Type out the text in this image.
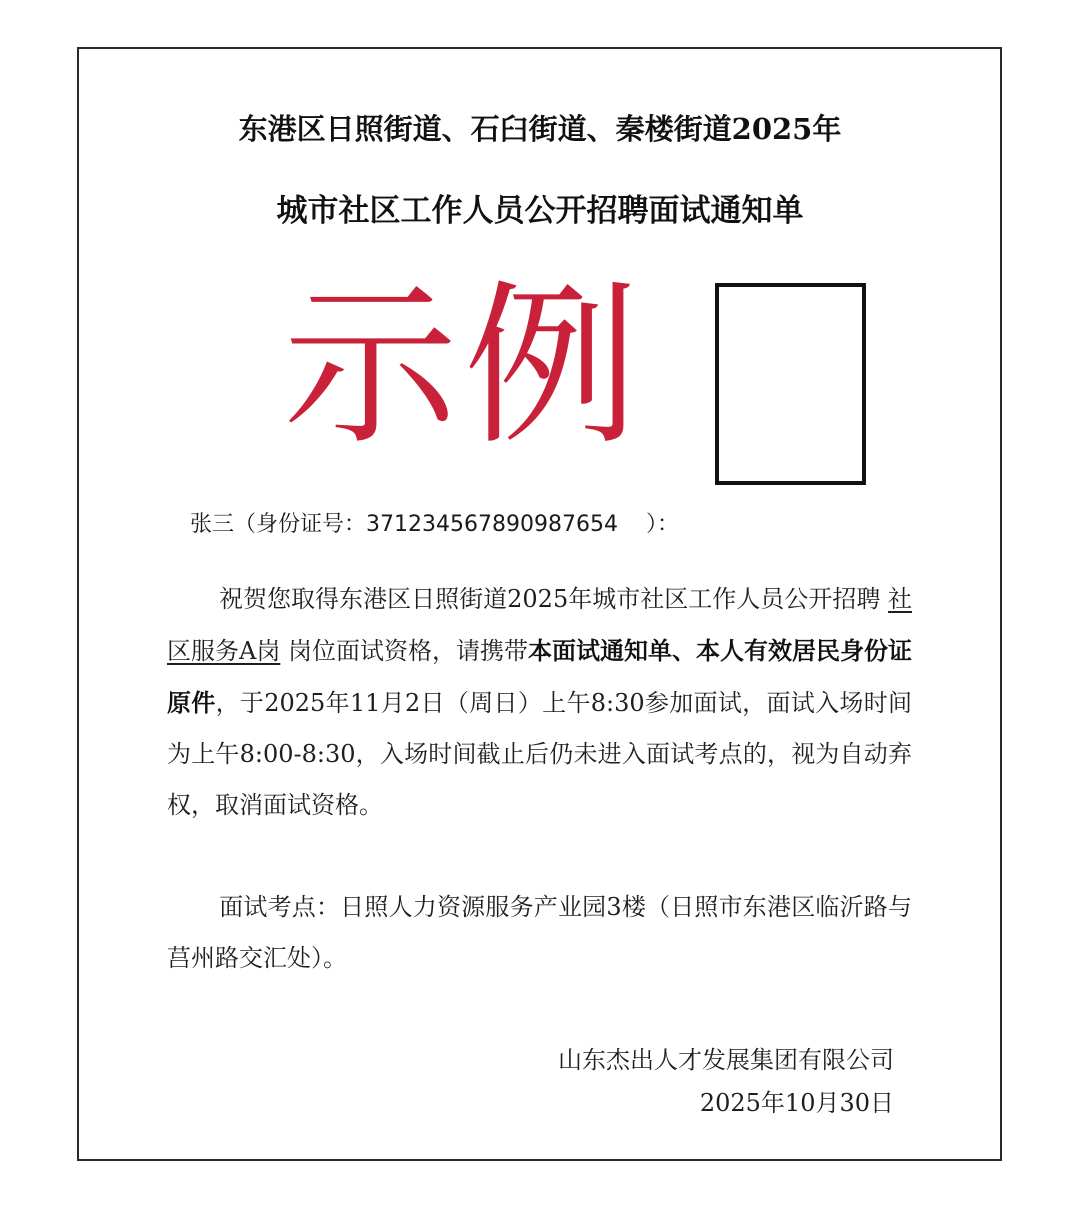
东港区日照街道、石臼街道、秦楼街道2025年
城市社区工作人员公开招聘面试通知单
示例
张三（身份证号：371234567890987654 ）：
祝贺您取得东港区日照街道2025年城市社区工作人员公开招聘 社区服务A岗 岗位面试资格，请携带本面试通知单、本人有效居民身份证原件，于2025年11月2日（周日）上午8:30参加面试，面试入场时间为上午8:00-8:30，入场时间截止后仍未进入面试考点的，视为自动弃权，取消面试资格。
面试考点：日照人力资源服务产业园3楼（日照市东港区临沂路与莒州路交汇处）。
山东杰出人才发展集团有限公司
2025年10月30日
